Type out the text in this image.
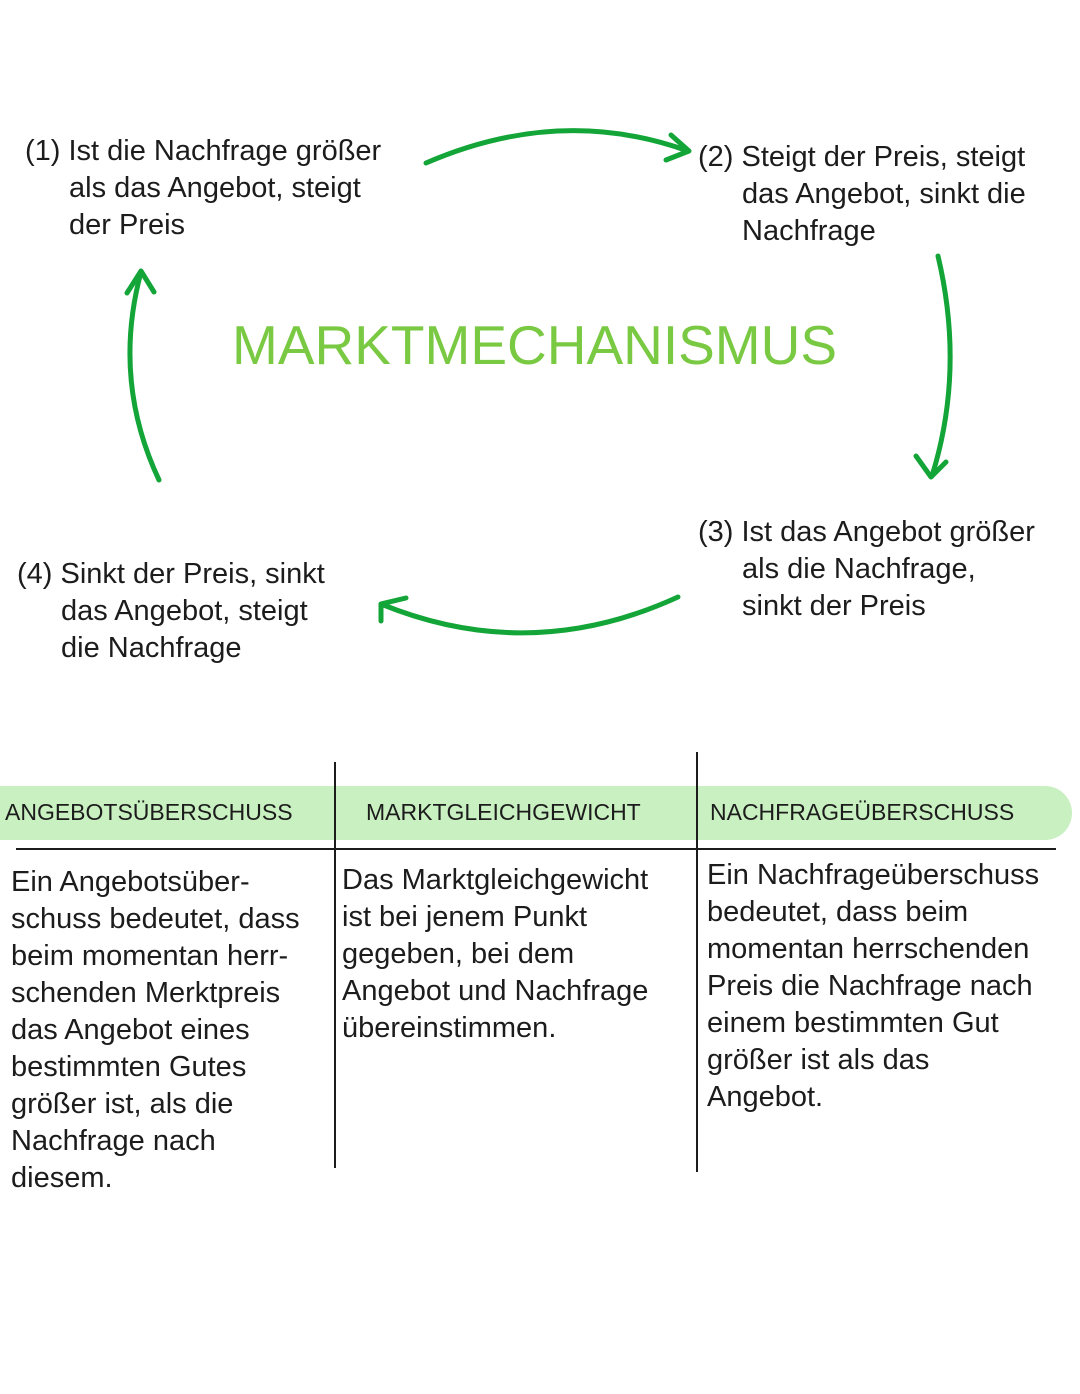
(1) Ist die Nachfrage größer
als das Angebot, steigt
der Preis

(2) Steigt der Preis, steigt
das Angebot, sinkt die
Nachfrage

(3) Ist das Angebot größer
als die Nachfrage,
sinkt der Preis

(4) Sinkt der Preis, sinkt
das Angebot, steigt
die Nachfrage

MARKTMECHANISMUS

ANGEBOTSÜBERSCHUSS	MARKTGLEICHGEWICHT	NACHFRAGEÜBERSCHUSS

Ein Angebotsüber-
schuss bedeutet, dass
beim momentan herr-
schenden Merktpreis
das Angebot eines
bestimmten Gutes
größer ist, als die
Nachfrage nach
diesem.

Das Marktgleichgewicht
ist bei jenem Punkt
gegeben, bei dem
Angebot und Nachfrage
übereinstimmen.

Ein Nachfrageüberschuss
bedeutet, dass beim
momentan herrschenden
Preis die Nachfrage nach
einem bestimmten Gut
größer ist als das
Angebot.
